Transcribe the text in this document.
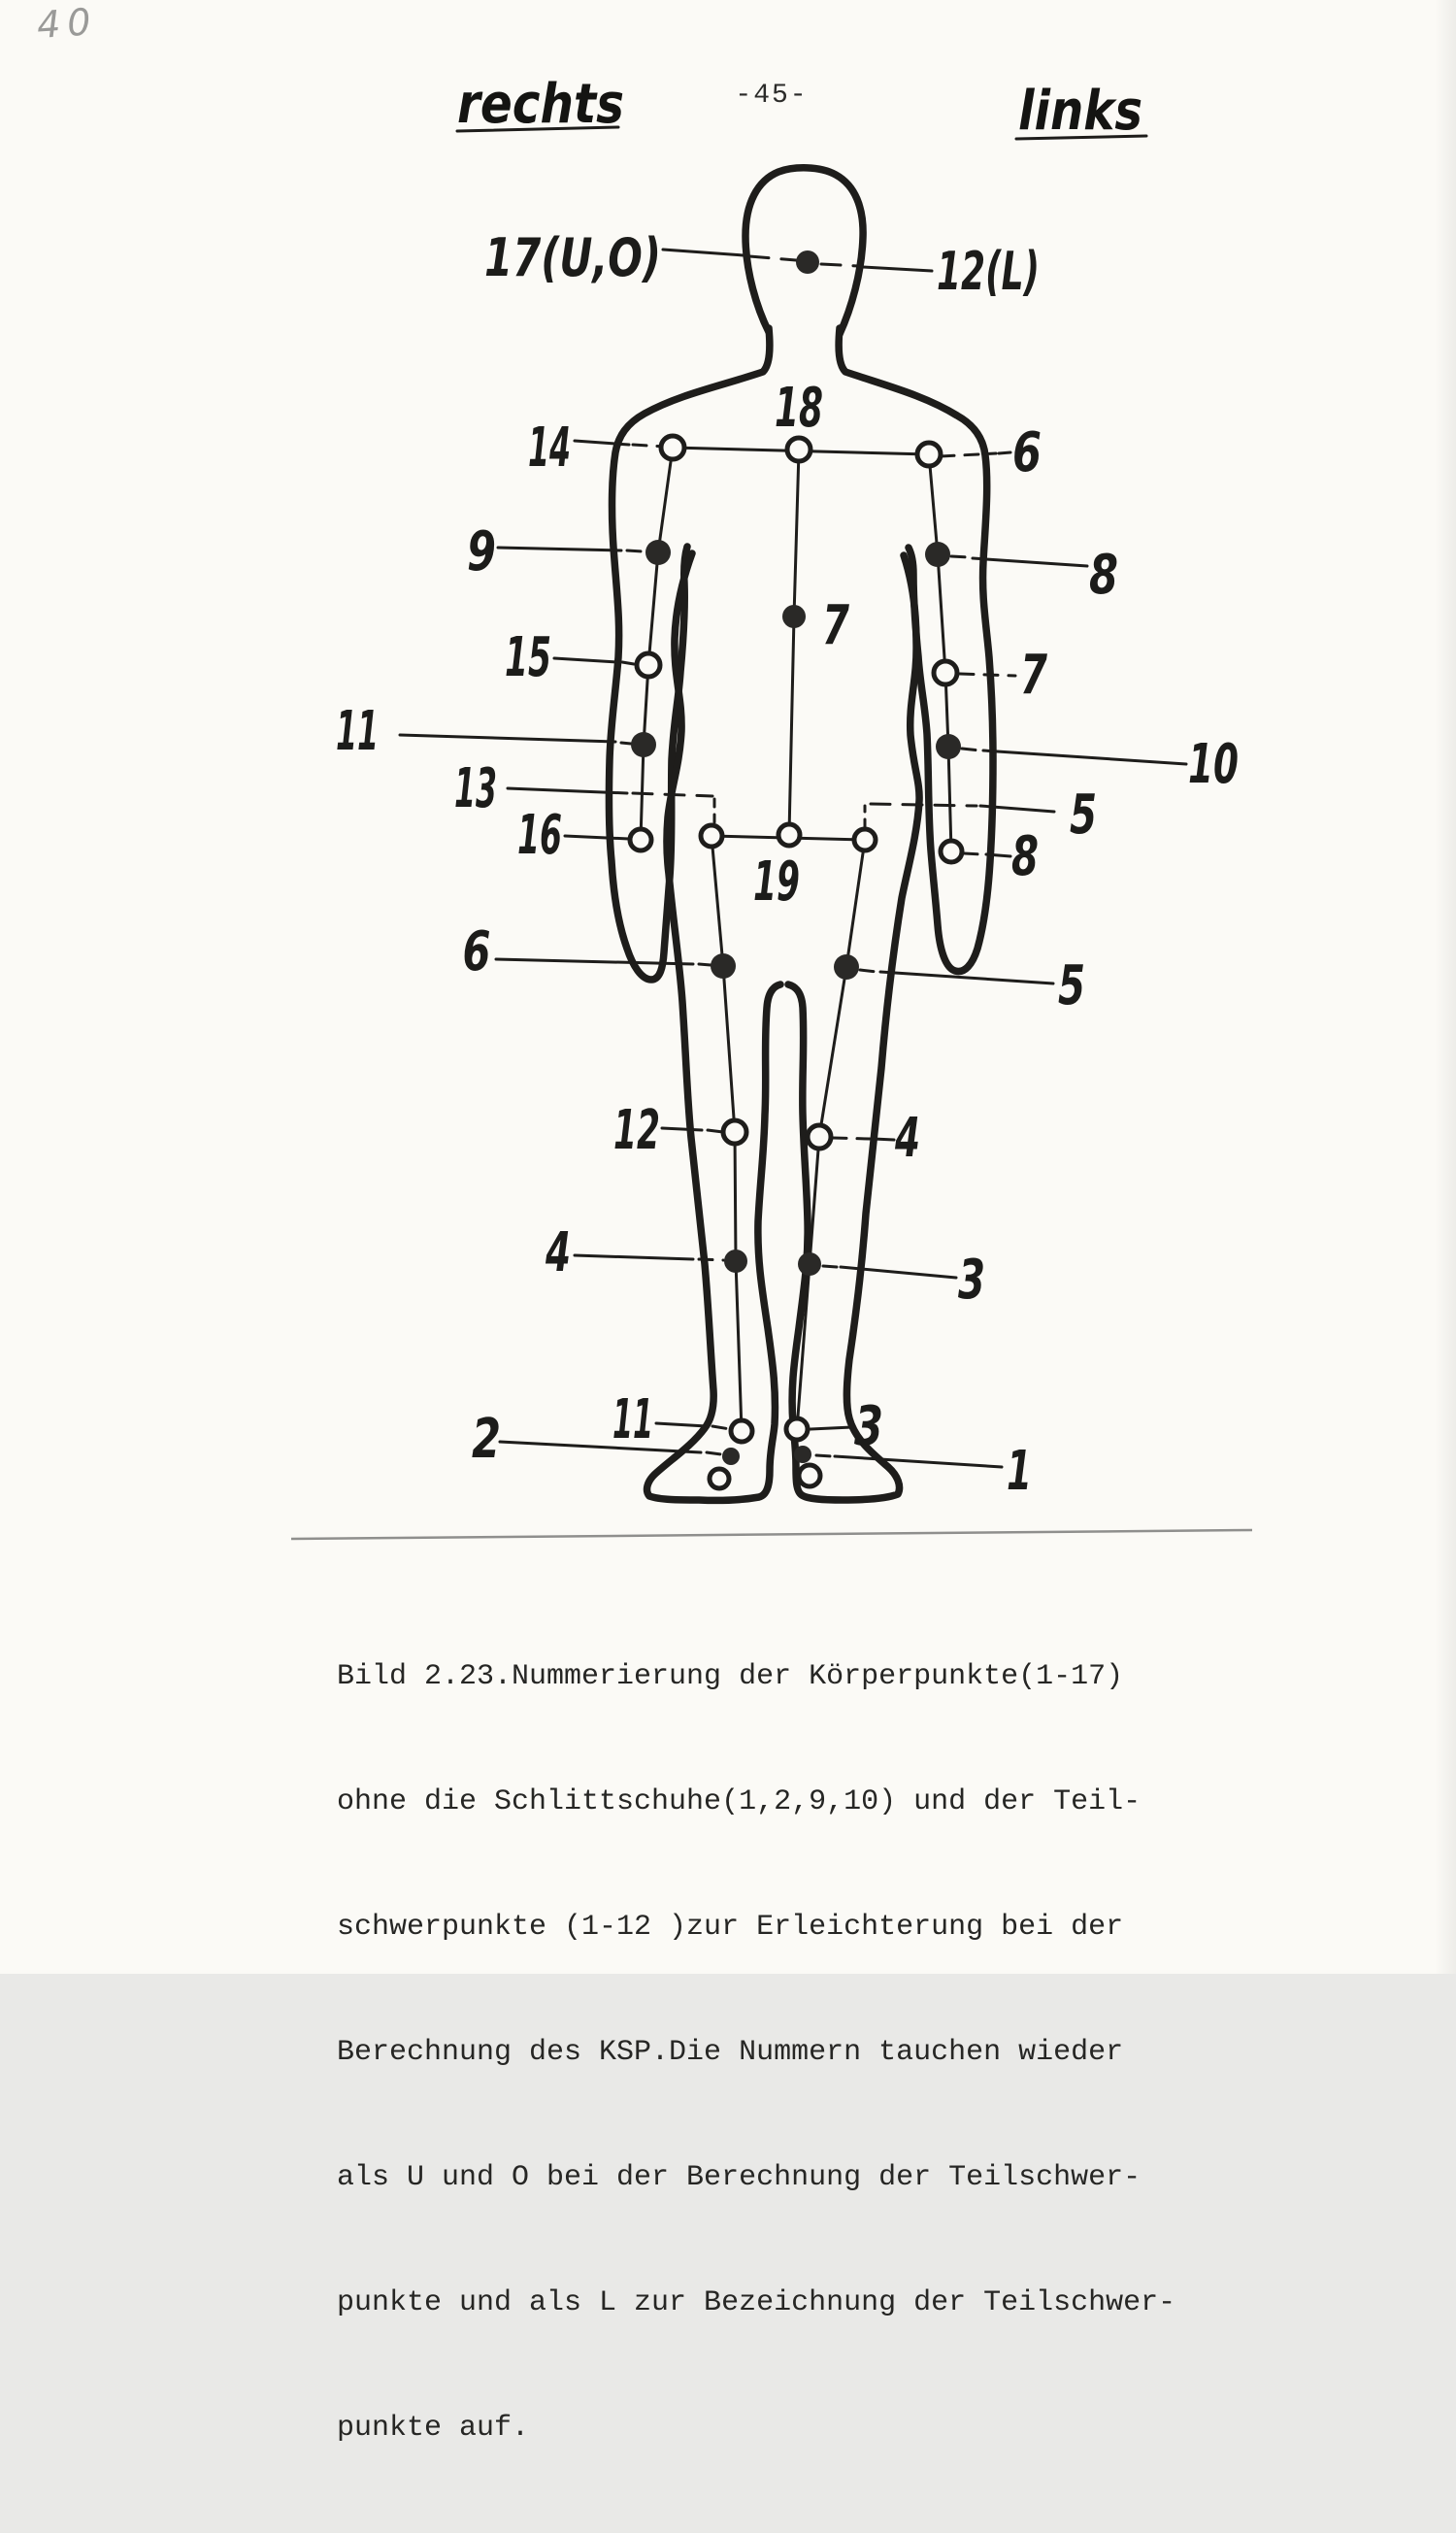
40
rechts	-45-	links
17(U,O)	12(L)
18
14	6
9	8
7
15	7
11
10
13	5
16	8
19
6
5
12	4
4	3
11	3
2
1

Bild 2.23.Nummerierung der Körperpunkte(1-17)

ohne die Schlittschuhe(1,2,9,10) und der Teil-

schwerpunkte (1-12 )zur Erleichterung bei der

Berechnung des KSP.Die Nummern tauchen wieder

als U und O bei der Berechnung der Teilschwer-

punkte und als L zur Bezeichnung der Teilschwer-

punkte auf.
